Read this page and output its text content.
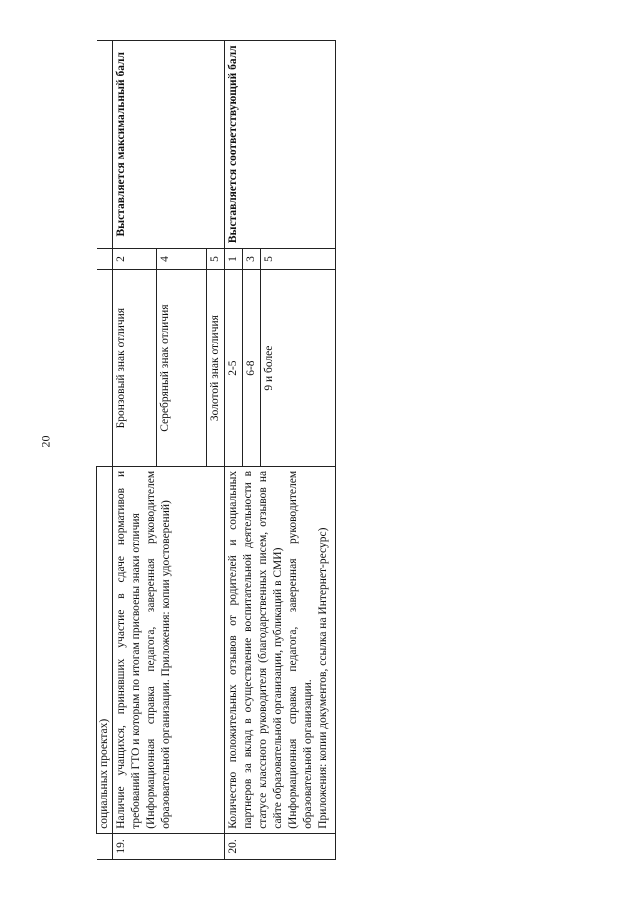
20
	социальных проектах)			
19.	Наличие учащихся, принявших участие в сдаче нормативов и требований ГТО и которым по итогам присвоены знаки отличия (Информационная справка педагога, заверенная руководителем образовательной организации. Приложения: копии удостоверений)	Бронзовый знак отличия	2	Выставляется максимальный балл
		Серебряный знак отличия	4	
		Золотой знак отличия	5	
20.	Количество положительных отзывов от родителей и социальных партнеров за вклад в осуществление воспитательной деятельности в статусе классного руководителя (благодарственных писем, отзывов на сайте образовательной организации, публикаций в СМИ) (Информационная справка педагога, заверенная руководителем образовательной организации. Приложения: копии документов, ссылка на Интернет-ресурс)	2-5	1	Выставляется соответствующий балл
		6-8	3	
		9 и более	5	
